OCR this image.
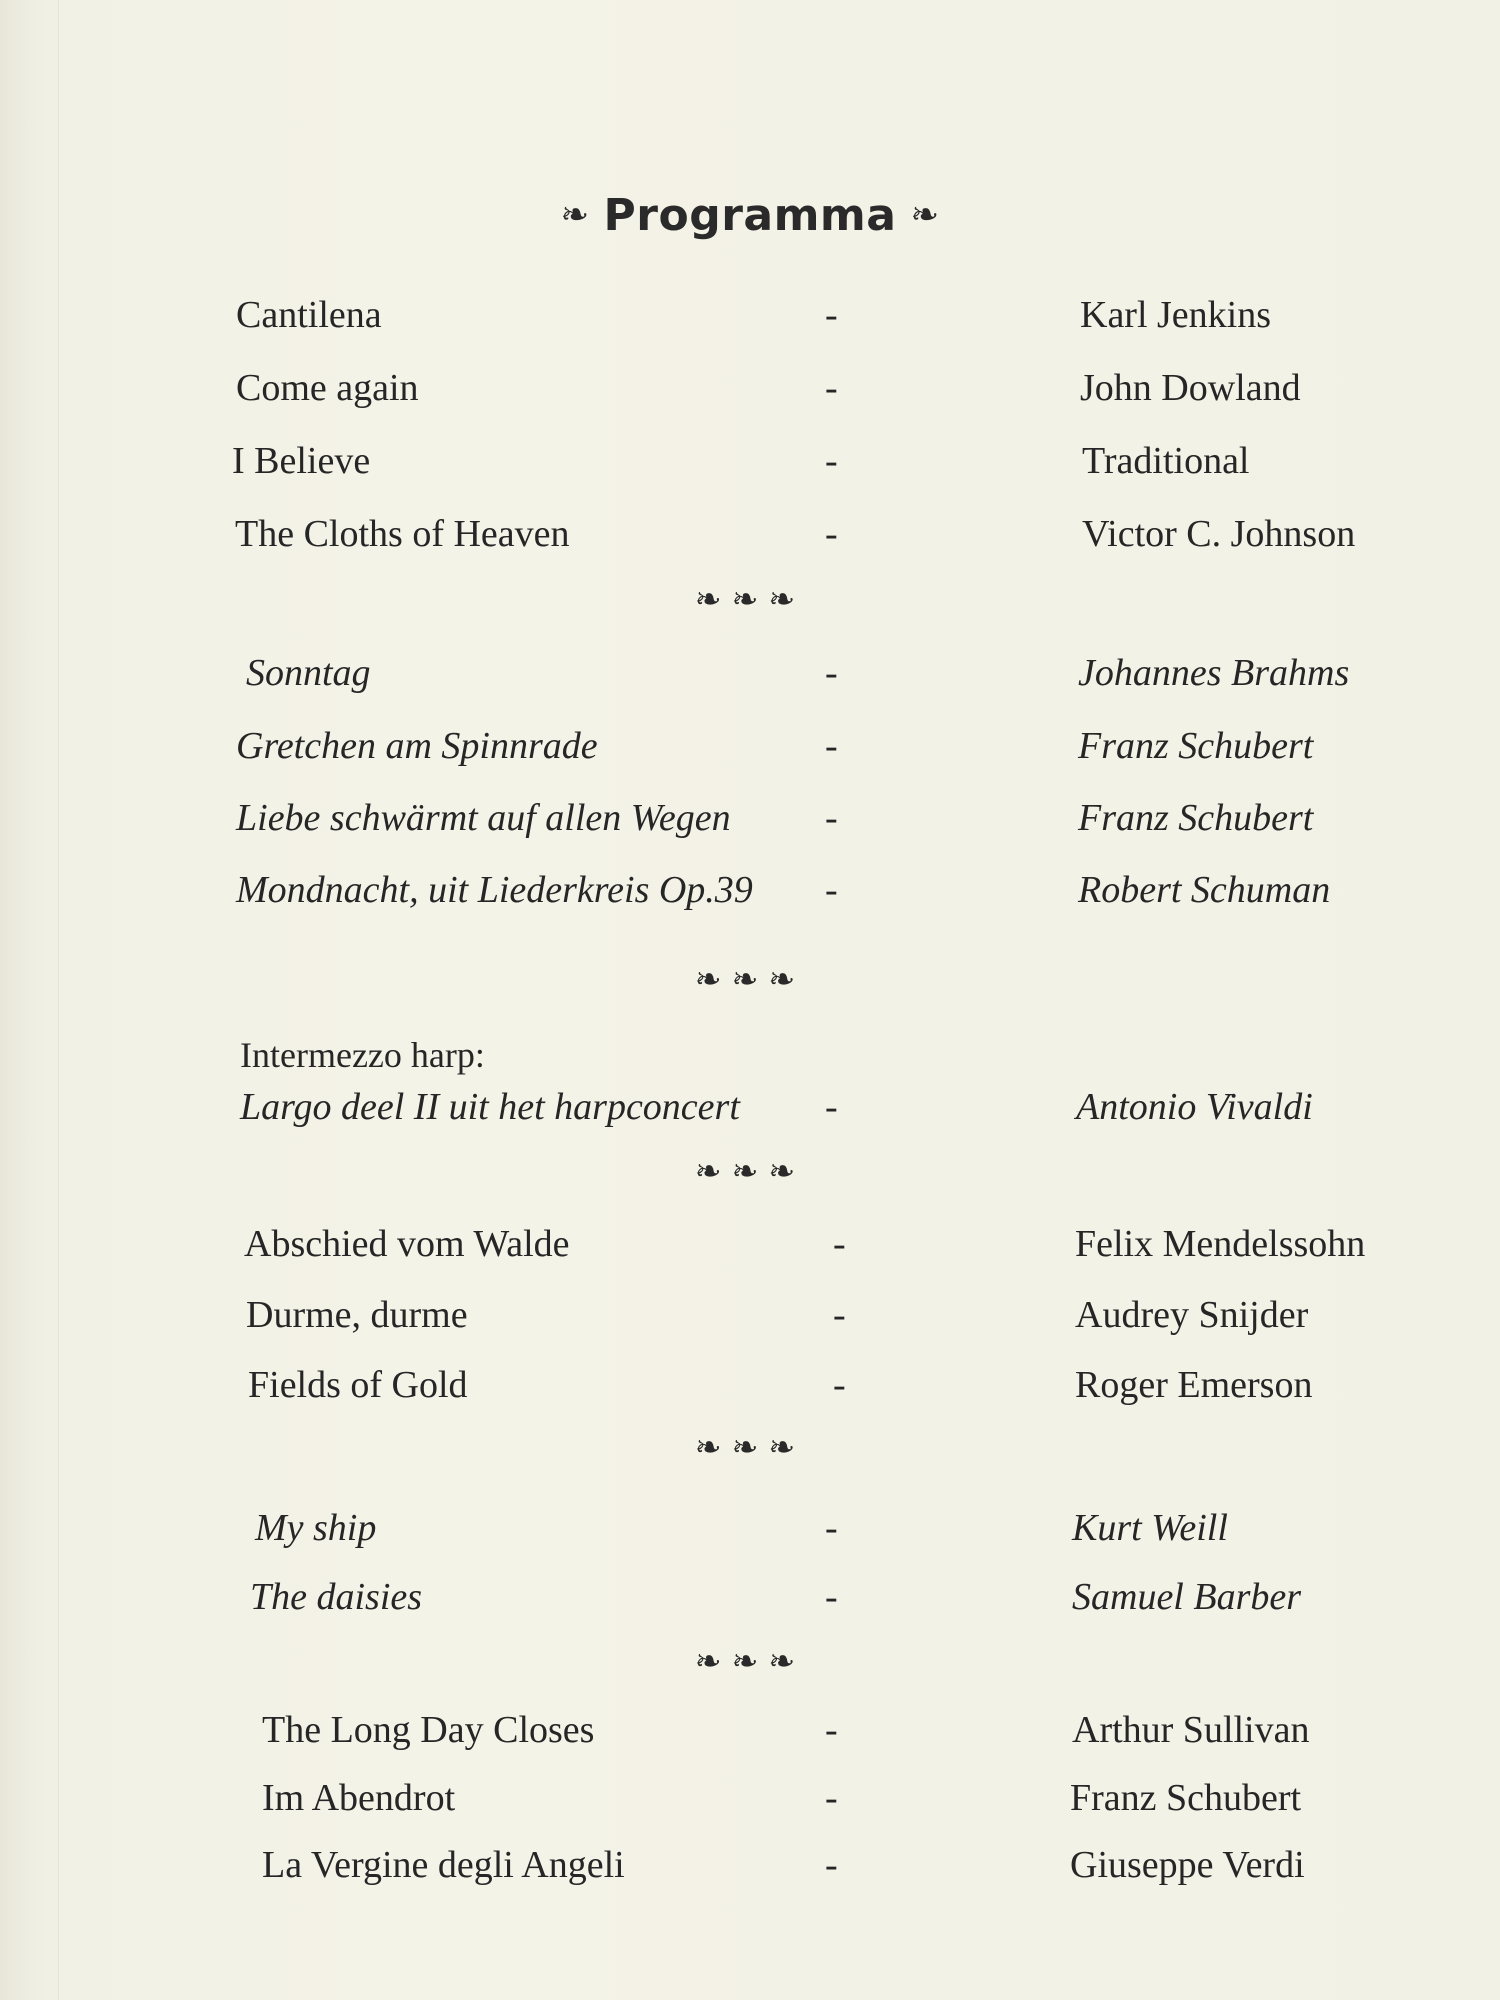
❧ Programma ❧
Cantilena	-	Karl Jenkins
Come again	-	John Dowland
I Believe	-	Traditional
The Cloths of Heaven	-	Victor C. Johnson
❧❧❧
Sonntag	-	Johannes Brahms
Gretchen am Spinnrade	-	Franz Schubert
Liebe schwärmt auf allen Wegen -	Franz Schubert
Mondnacht, uit Liederkreis Op.39 -	Robert Schuman
❧❧❧
Intermezzo harp:
Largo deel II uit het harpconcert -	Antonio Vivaldi
❧❧❧
Abschied vom Walde	-	Felix Mendelssohn
Durme, durme	-	Audrey Snijder
Fields of Gold	-	Roger Emerson
❧❧❧
My ship	-	Kurt Weill
The daisies	-	Samuel Barber
❧❧❧
The Long Day Closes	-	Arthur Sullivan
Im Abendrot	-	Franz Schubert
La Vergine degli Angeli	-	Giuseppe Verdi
